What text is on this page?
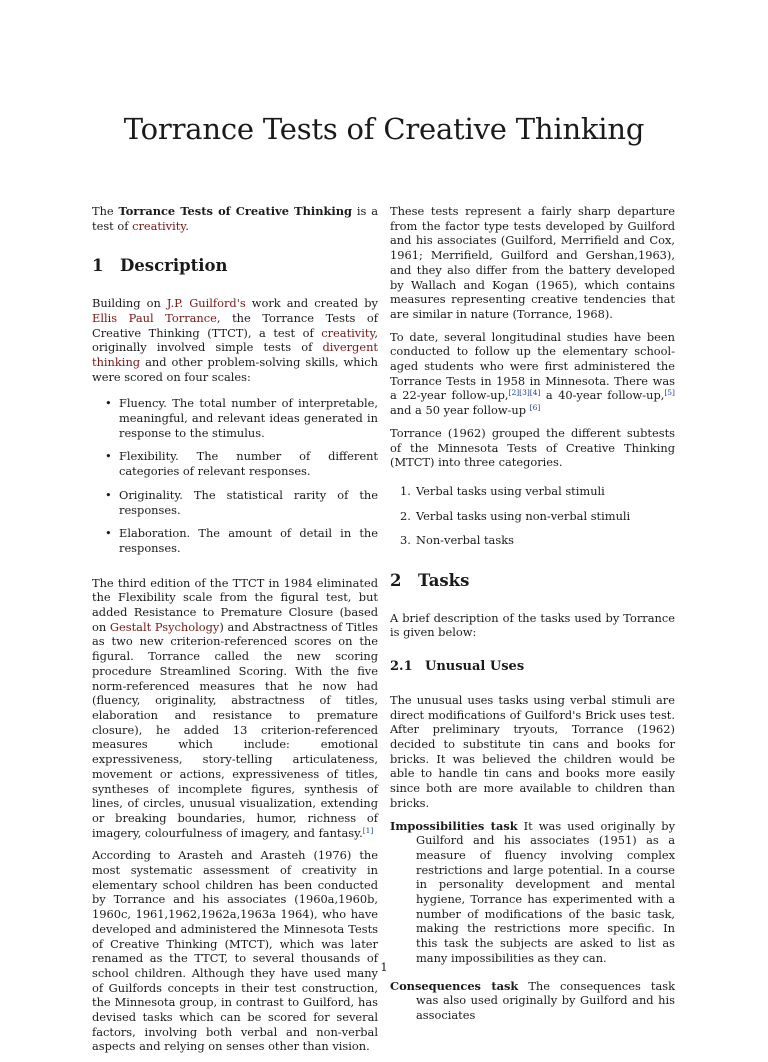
Torrance Tests of Creative Thinking

The Torrance Tests of Creative Thinking is a test of creativity.

1 Description

Building on J.P. Guilford's work and created by Ellis Paul Torrance, the Torrance Tests of Creative Thinking (TTCT), a test of creativity, originally involved simple tests of divergent thinking and other problem-solving skills, which were scored on four scales:

• Fluency. The total number of interpretable, meaningful, and relevant ideas generated in response to the stimulus.
• Flexibility. The number of different categories of relevant responses.
• Originality. The statistical rarity of the responses.
• Elaboration. The amount of detail in the responses.

The third edition of the TTCT in 1984 eliminated the Flexibility scale from the figural test, but added Resistance to Premature Closure (based on Gestalt Psychology) and Abstractness of Titles as two new criterion-referenced scores on the figural. Torrance called the new scoring procedure Streamlined Scoring. With the five norm-referenced measures that he now had (fluency, originality, abstractness of titles, elaboration and resistance to premature closure), he added 13 criterion-referenced measures which include: emotional expressiveness, story-telling articulateness, movement or actions, expressiveness of titles, syntheses of incomplete figures, synthesis of lines, of circles, unusual visualization, extending or breaking boundaries, humor, richness of imagery, colourfulness of imagery, and fantasy.[1]

According to Arasteh and Arasteh (1976) the most systematic assessment of creativity in elementary school children has been conducted by Torrance and his associates (1960a,1960b, 1960c, 1961,1962,1962a,1963a 1964), who have developed and administered the Minnesota Tests of Creative Thinking (MTCT), which was later renamed as the TTCT, to several thousands of school children. Although they have used many of Guilfords concepts in their test construction, the Minnesota group, in contrast to Guilford, has devised tasks which can be scored for several factors, involving both verbal and non-verbal aspects and relying on senses other than vision.

These tests represent a fairly sharp departure from the factor type tests developed by Guilford and his associates (Guilford, Merrifield and Cox, 1961; Merrifield, Guilford and Gershan,1963), and they also differ from the battery developed by Wallach and Kogan (1965), which contains measures representing creative tendencies that are similar in nature (Torrance, 1968).

To date, several longitudinal studies have been conducted to follow up the elementary school-aged students who were first administered the Torrance Tests in 1958 in Minnesota. There was a 22-year follow-up,[2][3][4] a 40-year follow-up,[5] and a 50 year follow-up [6]

Torrance (1962) grouped the different subtests of the Minnesota Tests of Creative Thinking (MTCT) into three categories.

1. Verbal tasks using verbal stimuli
2. Verbal tasks using non-verbal stimuli
3. Non-verbal tasks
2 Tasks

A brief description of the tasks used by Torrance is given below:

2.1 Unusual Uses

The unusual uses tasks using verbal stimuli are direct modifications of Guilford's Brick uses test. After preliminary tryouts, Torrance (1962) decided to substitute tin cans and books for bricks. It was believed the children would be able to handle tin cans and books more easily since both are more available to children than bricks.

Impossibilities task It was used originally by Guilford and his associates (1951) as a measure of fluency involving complex restrictions and large potential. In a course in personality development and mental hygiene, Torrance has experimented with a number of modifications of the basic task, making the restrictions more specific. In this task the subjects are asked to list as many impossibilities as they can.

Consequences task The consequences task was also used originally by Guilford and his associates

1
